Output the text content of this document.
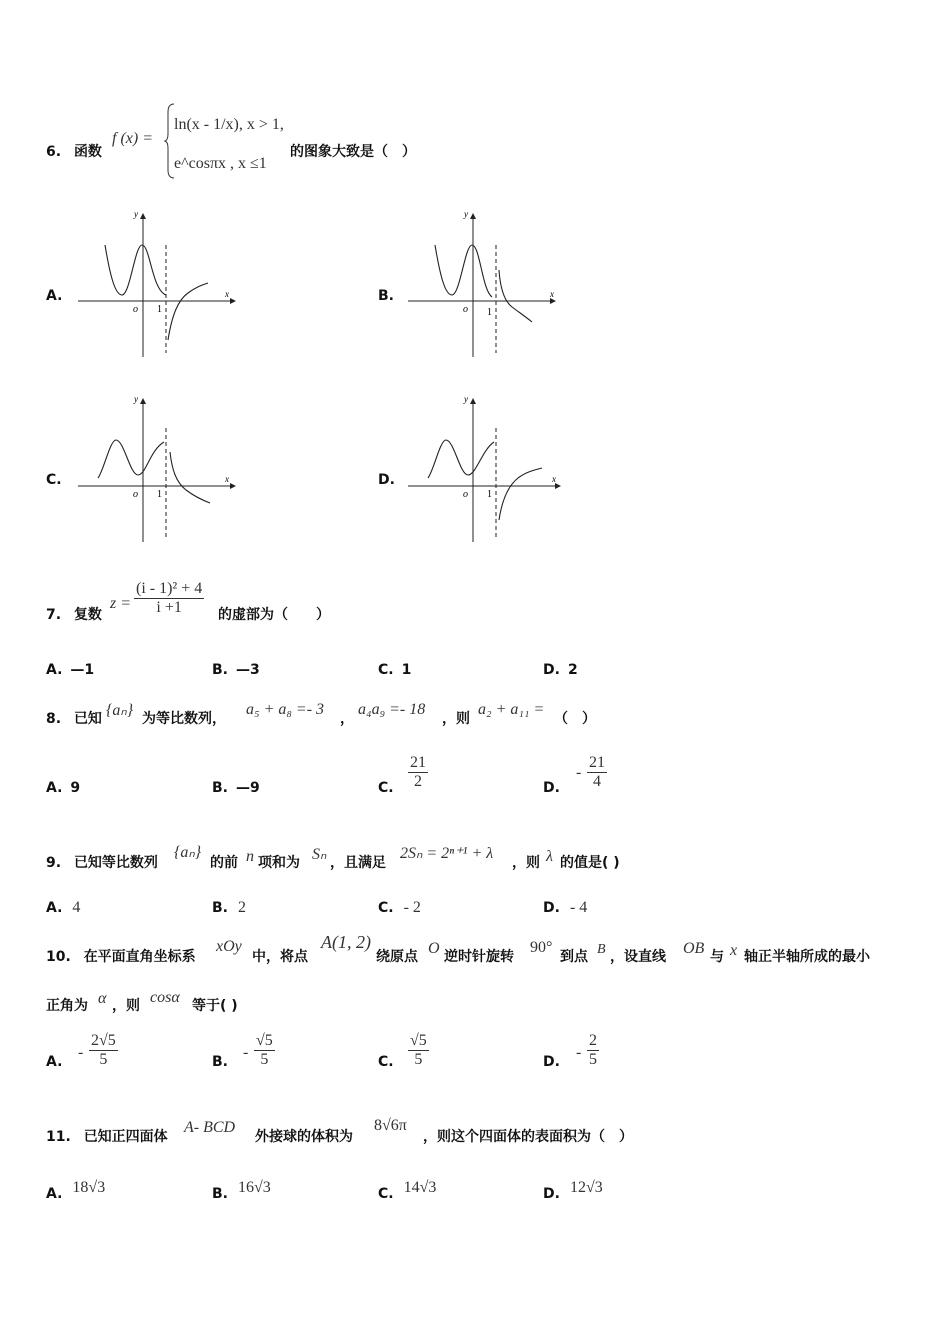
6. 函数
f (x) =
ln(x - 1/x), x > 1,
e^cosπx , x ≤1
的图象大致是（　）
A.	x
y
o 1
B.	x
y
o 1
C.	x
y
o 1
D.	x
y
o 1
7. 复数
$z = \frac{\text{(i - 1)² + 4}}{i +1}$ 的虚部为（　　）
A. —1	B. —3	C. 1	D. 2
8. 已知 {aₙ} 为等比数列，
a₅ + a₈ =- 3
，
a₄a₉ =- 18
，则
a₂ + a₁₁ =
（　）
A. 9	B. —9	C. $\frac{21}{2}$	D.
- $\frac{21}{4}$
9. 已知等比数列
{aₙ}
的前 n 项和为 Sₙ ，且满足
2Sₙ = 2ⁿ⁺¹ + λ
，则 λ 的值是( )
A. 4	B. 2	C. - 2	D. - 4
10. 在平面直角坐标系
xOy
中，将点
A(1, 2)
绕原点 O 逆时针旋转
90°
到点 B ，设直线 OB 与 x 轴正半轴所成的最小
正角为 α ，则 cosα 等于( )
A.
- $\frac{2√5}{5}$	B.
- $\frac{√5}{5}$	C. $\frac{√5}{5}$	D.
- $\frac{2}{5}$
11. 已知正四面体
A- BCD
外接球的体积为
8√6π
，则这个四面体的表面积为（　）
A. 18√3	B. 16√3	C. 14√3	D. 12√3
